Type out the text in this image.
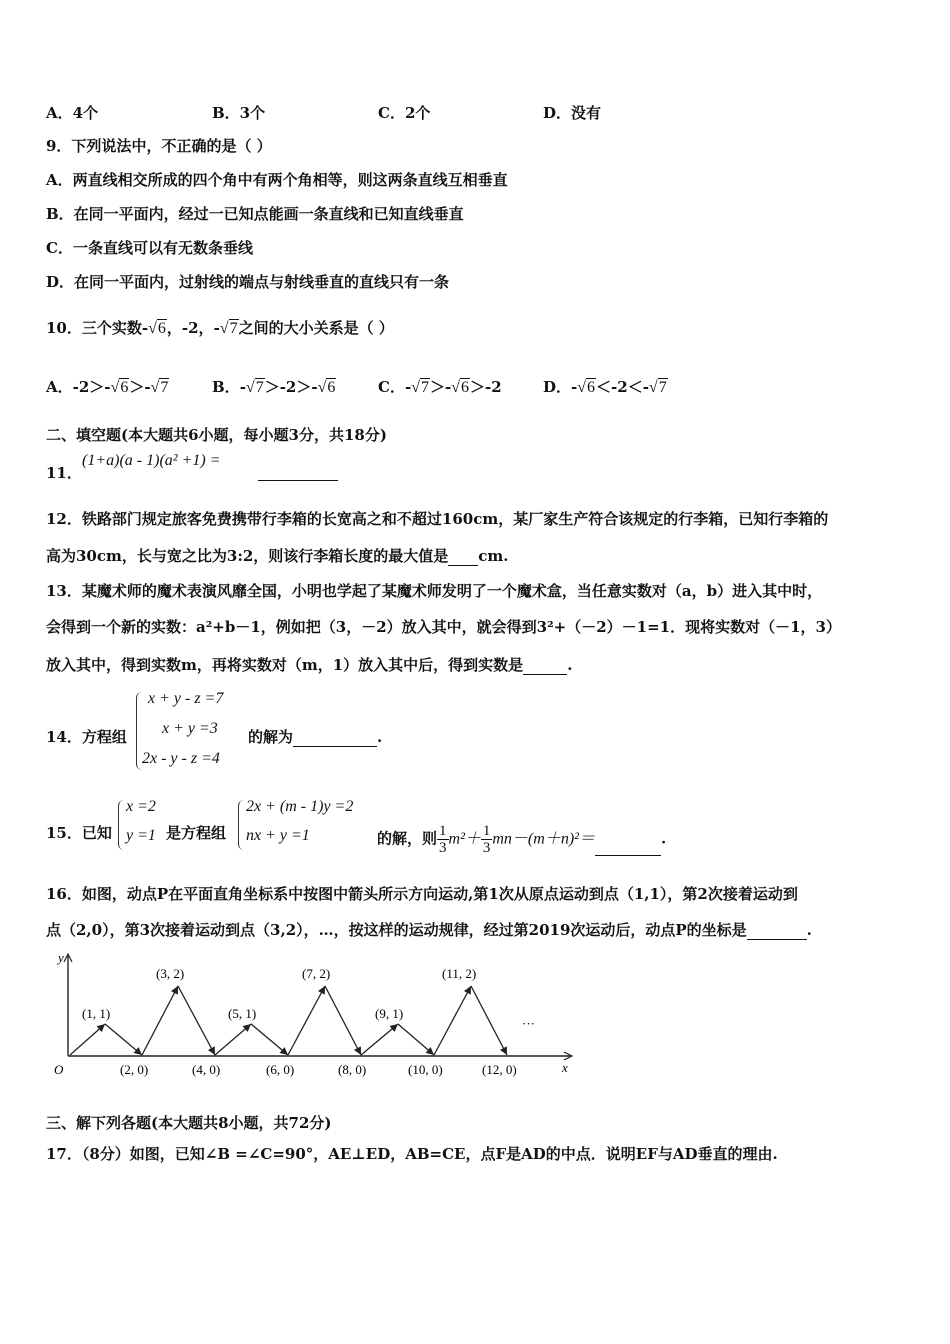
A．4个	B．3个	C．2个	D．没有
9．下列说法中，不正确的是（ ）
A．两直线相交所成的四个角中有两个角相等，则这两条直线互相垂直
B．在同一平面内，经过一已知点能画一条直线和已知直线垂直
C．一条直线可以有无数条垂线
D．在同一平面内，过射线的端点与射线垂直的直线只有一条
10．三个实数-√6，-2，-√7之间的大小关系是（ ）
A．-2＞-√6＞-√7	B．-√7＞-2＞-√6	C．-√7＞-√6＞-2	D．-√6＜-2＜-√7
二、填空题(本大题共6小题，每小题3分，共18分)
11．
(1+a)(a - 1)(a² +1) =
12．铁路部门规定旅客免费携带行李箱的长宽高之和不超过160cm，某厂家生产符合该规定的行李箱，已知行李箱的
高为30cm，长与宽之比为3:2，则该行李箱长度的最大值是 cm.
13．某魔术师的魔术表演风靡全国，小明也学起了某魔术师发明了一个魔术盒，当任意实数对（a，b）进入其中时，
会得到一个新的实数：a²+b－1，例如把（3，－2）放入其中，就会得到3²+（－2）－1=1．现将实数对（－1，3）
放入其中，得到实数m，再将实数对（m，1）放入其中后，得到实数是	.
14．方程组
x + y - z =7
x + y =3
2x - y - z =4
的解为	.
15．已知
x =2
y =1 是方程组
2x + (m - 1)y =2
nx + y =1	的解，则 $\frac{1}{3} m^2+ \frac{1}{3} mn-(m+n)^2=$	.
16．如图，动点P在平面直角坐标系中按图中箭头所示方向运动,第1次从原点运动到点（1,1），第2次接着运动到
点（2,0），第3次接着运动到点（3,2），…，按这样的运动规律，经过第2019次运动后，动点P的坐标是	.
y
x
O
(1, 1)
(3, 2)
(5, 1)
(7, 2)
(9, 1)
(11, 2)
(2, 0)	(4, 0)	(6, 0)	(8, 0)	(10, 0)	(12, 0)
···
三、解下列各题(本大题共8小题，共72分)
17．（8分）如图，已知∠B =∠C=90°，AE⊥ED，AB=CE，点F是AD的中点．说明EF与AD垂直的理由.
